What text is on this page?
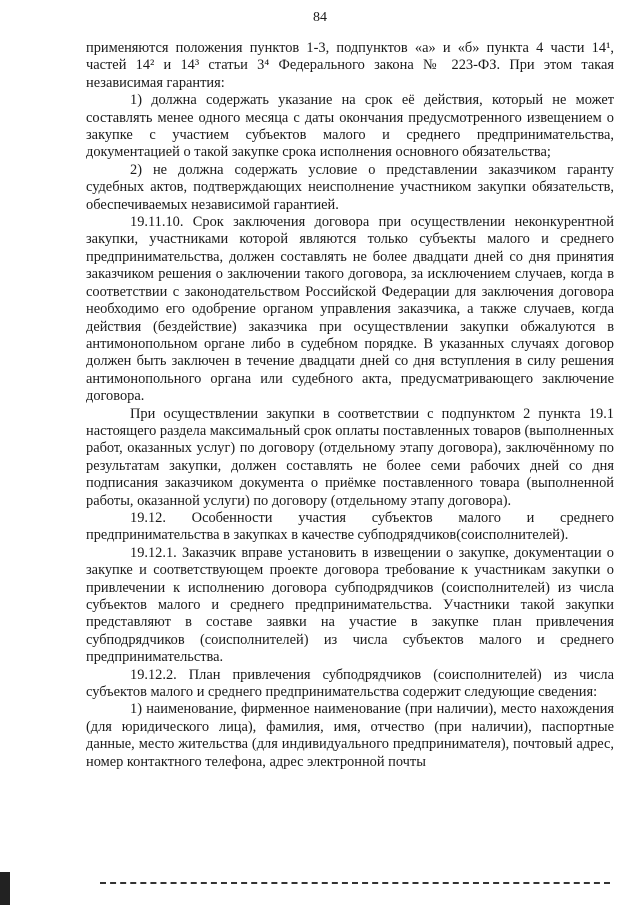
84

применяются положения пунктов 1-3, подпунктов «а» и «б» пункта 4 части 14¹, частей 14² и 14³ статьи 3⁴ Федерального закона № 223-ФЗ. При этом такая независимая гарантия:

1) должна содержать указание на срок её действия, который не может составлять менее одного месяца с даты окончания предусмотренного извещением о закупке с участием субъектов малого и среднего предпринимательства, документацией о такой закупке срока исполнения основного обязательства;

2) не должна содержать условие о представлении заказчиком гаранту судебных актов, подтверждающих неисполнение участником закупки обязательств, обеспечиваемых независимой гарантией.

19.11.10. Срок заключения договора при осуществлении неконкурентной закупки, участниками которой являются только субъекты малого и среднего предпринимательства, должен составлять не более двадцати дней со дня принятия заказчиком решения о заключении такого договора, за исключением случаев, когда в соответствии с законодательством Российской Федерации для заключения договора необходимо его одобрение органом управления заказчика, а также случаев, когда действия (бездействие) заказчика при осуществлении закупки обжалуются в антимонопольном органе либо в судебном порядке. В указанных случаях договор должен быть заключен в течение двадцати дней со дня вступления в силу решения антимонопольного органа или судебного акта, предусматривающего заключение договора.

При осуществлении закупки в соответствии с подпунктом 2 пункта 19.1 настоящего раздела максимальный срок оплаты поставленных товаров (выполненных работ, оказанных услуг) по договору (отдельному этапу договора), заключённому по результатам закупки, должен составлять не более семи рабочих дней со дня подписания заказчиком документа о приёмке поставленного товара (выполненной работы, оказанной услуги) по договору (отдельному этапу договора).

19.12. Особенности участия субъектов малого и среднего предпринимательства в закупках в качестве субподрядчиков(соисполнителей).

19.12.1. Заказчик вправе установить в извещении о закупке, документации о закупке и соответствующем проекте договора требование к участникам закупки о привлечении к исполнению договора субподрядчиков (соисполнителей) из числа субъектов малого и среднего предпринимательства. Участники такой закупки представляют в составе заявки на участие в закупке план привлечения субподрядчиков (соисполнителей) из числа субъектов малого и среднего предпринимательства.

19.12.2. План привлечения субподрядчиков (соисполнителей) из числа субъектов малого и среднего предпринимательства содержит следующие сведения:

1) наименование, фирменное наименование (при наличии), место нахождения (для юридического лица), фамилия, имя, отчество (при наличии), паспортные данные, место жительства (для индивидуального предпринимателя), почтовый адрес, номер контактного телефона, адрес электронной почты
